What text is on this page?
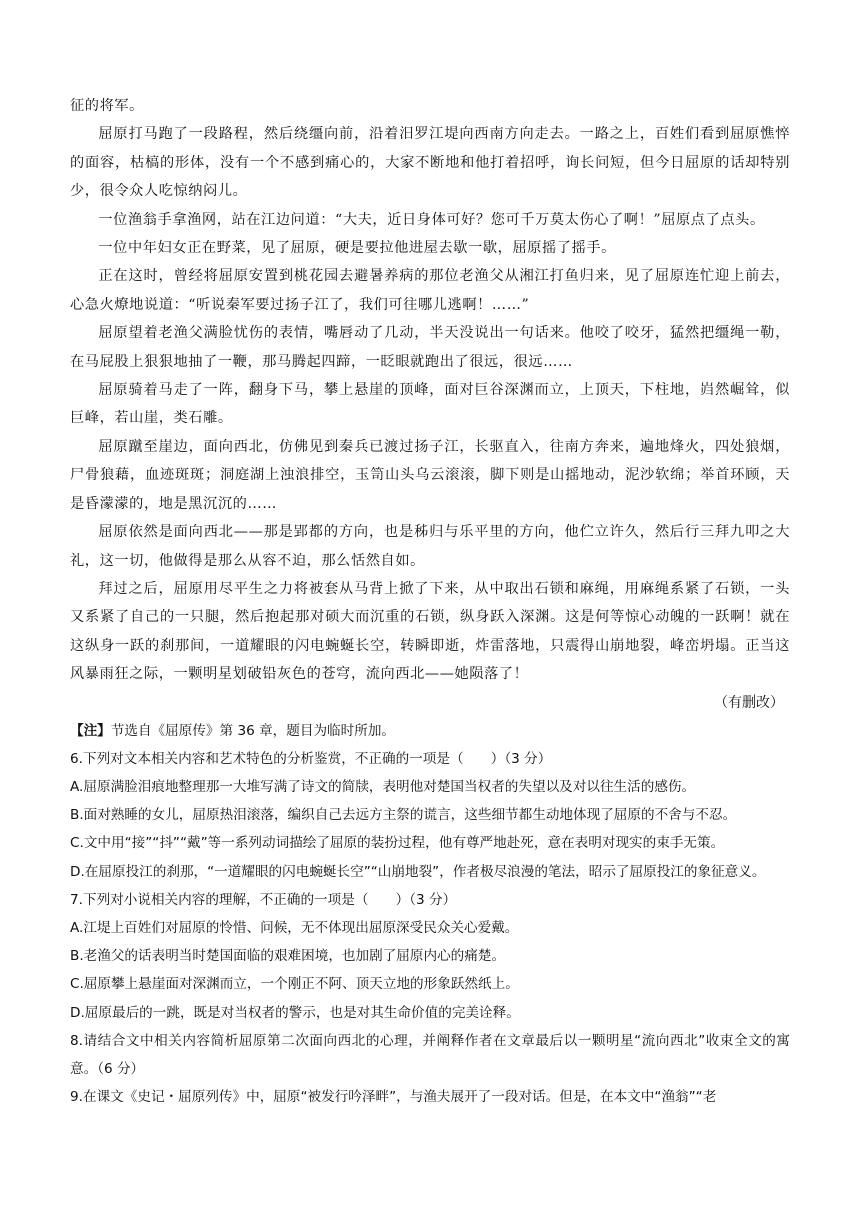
征的将军。

屈原打马跑了一段路程，然后绕缰向前，沿着汨罗江堤向西南方向走去。一路之上，百姓们看到屈原憔悴的面容，枯槁的形体，没有一个不感到痛心的，大家不断地和他打着招呼，询长问短，但今日屈原的话却特别少，很令众人吃惊纳闷儿。

一位渔翁手拿渔网，站在江边问道：“大夫，近日身体可好？您可千万莫太伤心了啊！”屈原点了点头。

一位中年妇女正在野菜，见了屈原，硬是要拉他进屋去歇一歇，屈原摇了摇手。

正在这时，曾经将屈原安置到桃花园去避暑养病的那位老渔父从湘江打鱼归来，见了屈原连忙迎上前去，心急火燎地说道：“听说秦军要过扬子江了，我们可往哪儿逃啊！……”

屈原望着老渔父满脸忧伤的表情，嘴唇动了几动，半天没说出一句话来。他咬了咬牙，猛然把缰绳一勒，在马屁股上狠狠地抽了一鞭，那马腾起四蹄，一眨眼就跑出了很远，很远……

屈原骑着马走了一阵，翻身下马，攀上悬崖的顶峰，面对巨谷深渊而立，上顶天，下柱地，岿然崛耸，似巨峰，若山崖，类石雕。

屈原蹴至崖边，面向西北，仿佛见到秦兵已渡过扬子江，长驱直入，往南方奔来，遍地烽火，四处狼烟，尸骨狼藉，血迹斑斑；洞庭湖上浊浪排空，玉笥山头乌云滚滚，脚下则是山摇地动，泥沙软绵；举首环顾，天是昏濛濛的，地是黑沉沉的……

屈原依然是面向西北——那是郢都的方向，也是秭归与乐平里的方向，他伫立许久，然后行三拜九叩之大礼，这一切，他做得是那么从容不迫，那么恬然自如。

拜过之后，屈原用尽平生之力将被套从马背上掀了下来，从中取出石锁和麻绳，用麻绳系紧了石锁，一头又系紧了自己的一只腿，然后抱起那对硕大而沉重的石锁，纵身跃入深渊。这是何等惊心动魄的一跃啊！就在这纵身一跃的刹那间，一道耀眼的闪电蜿蜒长空，转瞬即逝，炸雷落地，只震得山崩地裂，峰峦坍塌。正当这风暴雨狂之际，一颗明星划破铅灰色的苍穹，流向西北——她陨落了！

（有删改）

【注】节选自《屈原传》第 36 章，题目为临时所加。

6.下列对文本相关内容和艺术特色的分析鉴赏，不正确的一项是（　　）（3 分）

A.屈原满脸泪痕地整理那一大堆写满了诗文的简牍，表明他对楚国当权者的失望以及对以往生活的感伤。

B.面对熟睡的女儿，屈原热泪滚落，编织自己去远方主祭的谎言，这些细节都生动地体现了屈原的不舍与不忍。

C.文中用“接”“抖”“戴”等一系列动词描绘了屈原的装扮过程，他有尊严地赴死，意在表明对现实的束手无策。

D.在屈原投江的刹那，“一道耀眼的闪电蜿蜒长空”“山崩地裂”，作者极尽浪漫的笔法，昭示了屈原投江的象征意义。

7.下列对小说相关内容的理解，不正确的一项是（　　）（3 分）

A.江堤上百姓们对屈原的怜惜、问候，无不体现出屈原深受民众关心爱戴。

B.老渔父的话表明当时楚国面临的艰难困境，也加剧了屈原内心的痛楚。

C.屈原攀上悬崖面对深渊而立，一个刚正不阿、顶天立地的形象跃然纸上。

D.屈原最后的一跳，既是对当权者的警示，也是对其生命价值的完美诠释。

8.请结合文中相关内容简析屈原第二次面向西北的心理，并阐释作者在文章最后以一颗明星“流向西北”收束全文的寓意。（6 分）

9.在课文《史记・屈原列传》中，屈原“被发行吟泽畔”，与渔夫展开了一段对话。但是，在本文中“渔翁”“老
